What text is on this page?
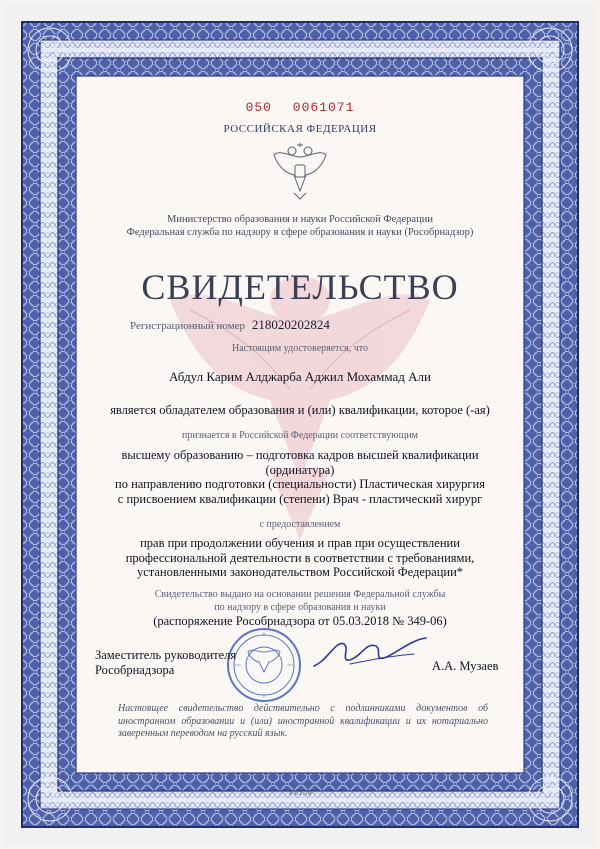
050 0061071
РОССИЙСКАЯ ФЕДЕРАЦИЯ
Министерство образования и науки Российской Федерации
Федеральная служба по надзору в сфере образования и науки (Рособрнадзор)
СВИДЕТЕЛЬСТВО
Регистрационный номер 218020202824
Настоящим удостоверяется, что
Абдул Карим Алджарба Аджил Мохаммад Али
является обладателем образования и (или) квалификации, которое (-ая)
признается в Российской Федерации соответствующим
высшему образованию – подготовка кадров высшей квалификации
(ординатура)
по направлению подготовки (специальности) Пластическая хирургия
с присвоением квалификации (степени) Врач - пластический хирург
с предоставлением
прав при продолжении обучения и прав при осуществлении
профессиональной деятельности в соответствии с требованиями,
установленными законодательством Российской Федерации*
Свидетельство выдано на основании решения Федеральной службы
по надзору в сфере образования и науки
(распоряжение Рособрнадзора от 05.03.2018 № 349-06)
Заместитель руководителя
Рособрнадзора	А.А. Музаев
Настоящее свидетельство действительно с подлинниками документов об иностранном образовании и (или) иностранной квалификации и их нотариально заверенным переводом на русский язык.
© 8 1718
